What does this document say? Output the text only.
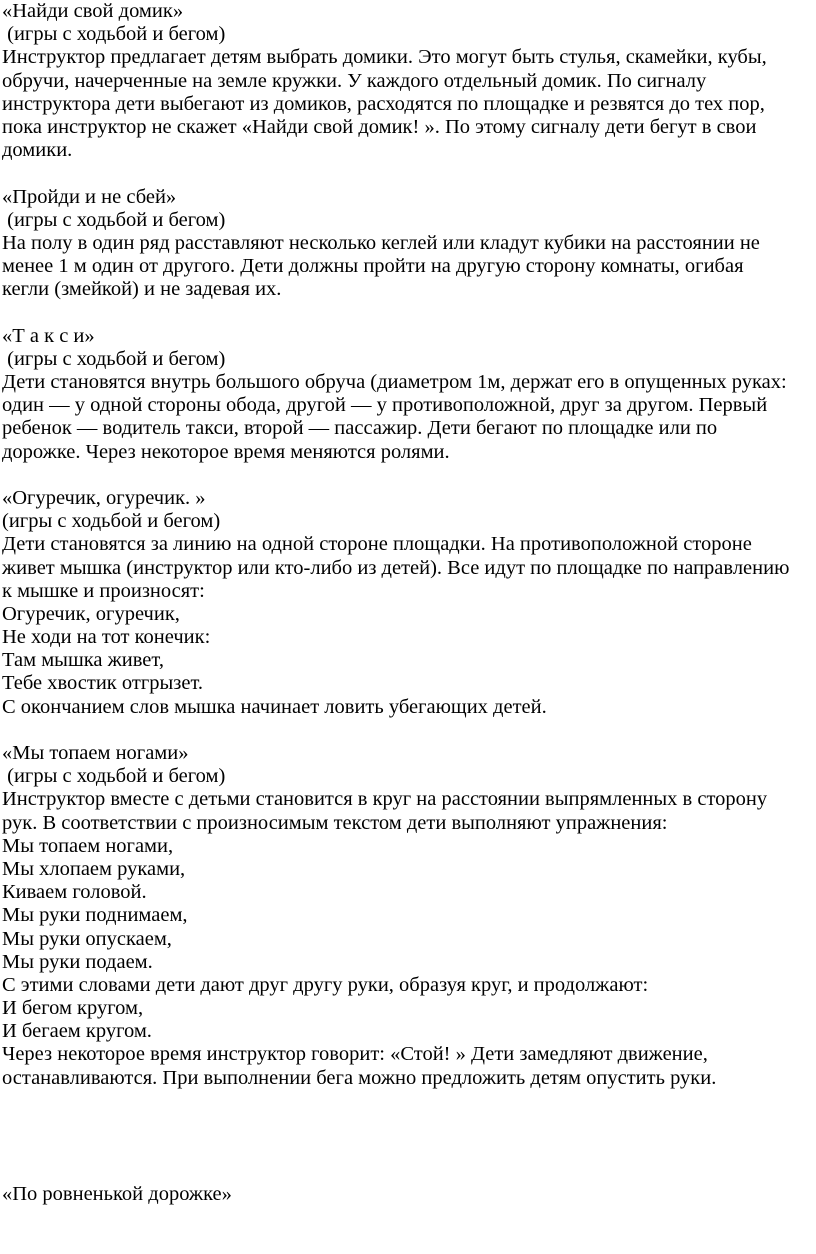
«Найди свой домик»
(игры с ходьбой и бегом)
Инструктор предлагает детям выбрать домики. Это могут быть стулья, скамейки, кубы,
обручи, начерченные на земле кружки. У каждого отдельный домик. По сигналу
инструктора дети выбегают из домиков, расходятся по площадке и резвятся до тех пор,
пока инструктор не скажет «Найди свой домик! ». По этому сигналу дети бегут в свои
домики.
«Пройди и не сбей»
(игры с ходьбой и бегом)
На полу в один ряд расставляют несколько кеглей или кладут кубики на расстоянии не
менее 1 м один от другого. Дети должны пройти на другую сторону комнаты, огибая
кегли (змейкой) и не задевая их.
«Т а к с и»
(игры с ходьбой и бегом)
Дети становятся внутрь большого обруча (диаметром 1м, держат его в опущенных руках:
один — у одной стороны обода, другой — у противоположной, друг за другом. Первый
ребенок — водитель такси, второй — пассажир. Дети бегают по площадке или по
дорожке. Через некоторое время меняются ролями.
«Огуречик, огуречик. »
(игры с ходьбой и бегом)
Дети становятся за линию на одной стороне площадки. На противоположной стороне
живет мышка (инструктор или кто-либо из детей). Все идут по площадке по направлению
к мышке и произносят:
Огуречик, огуречик,
Не ходи на тот конечик:
Там мышка живет,
Тебе хвостик отгрызет.
С окончанием слов мышка начинает ловить убегающих детей.
«Мы топаем ногами»
(игры с ходьбой и бегом)
Инструктор вместе с детьми становится в круг на расстоянии выпрямленных в сторону
рук. В соответствии с произносимым текстом дети выполняют упражнения:
Мы топаем ногами,
Мы хлопаем руками,
Киваем головой.
Мы руки поднимаем,
Мы руки опускаем,
Мы руки подаем.
С этими словами дети дают друг другу руки, образуя круг, и продолжают:
И бегом кругом,
И бегаем кругом.
Через некоторое время инструктор говорит: «Стой! » Дети замедляют движение,
останавливаются. При выполнении бега можно предложить детям опустить руки.
«По ровненькой дорожке»
